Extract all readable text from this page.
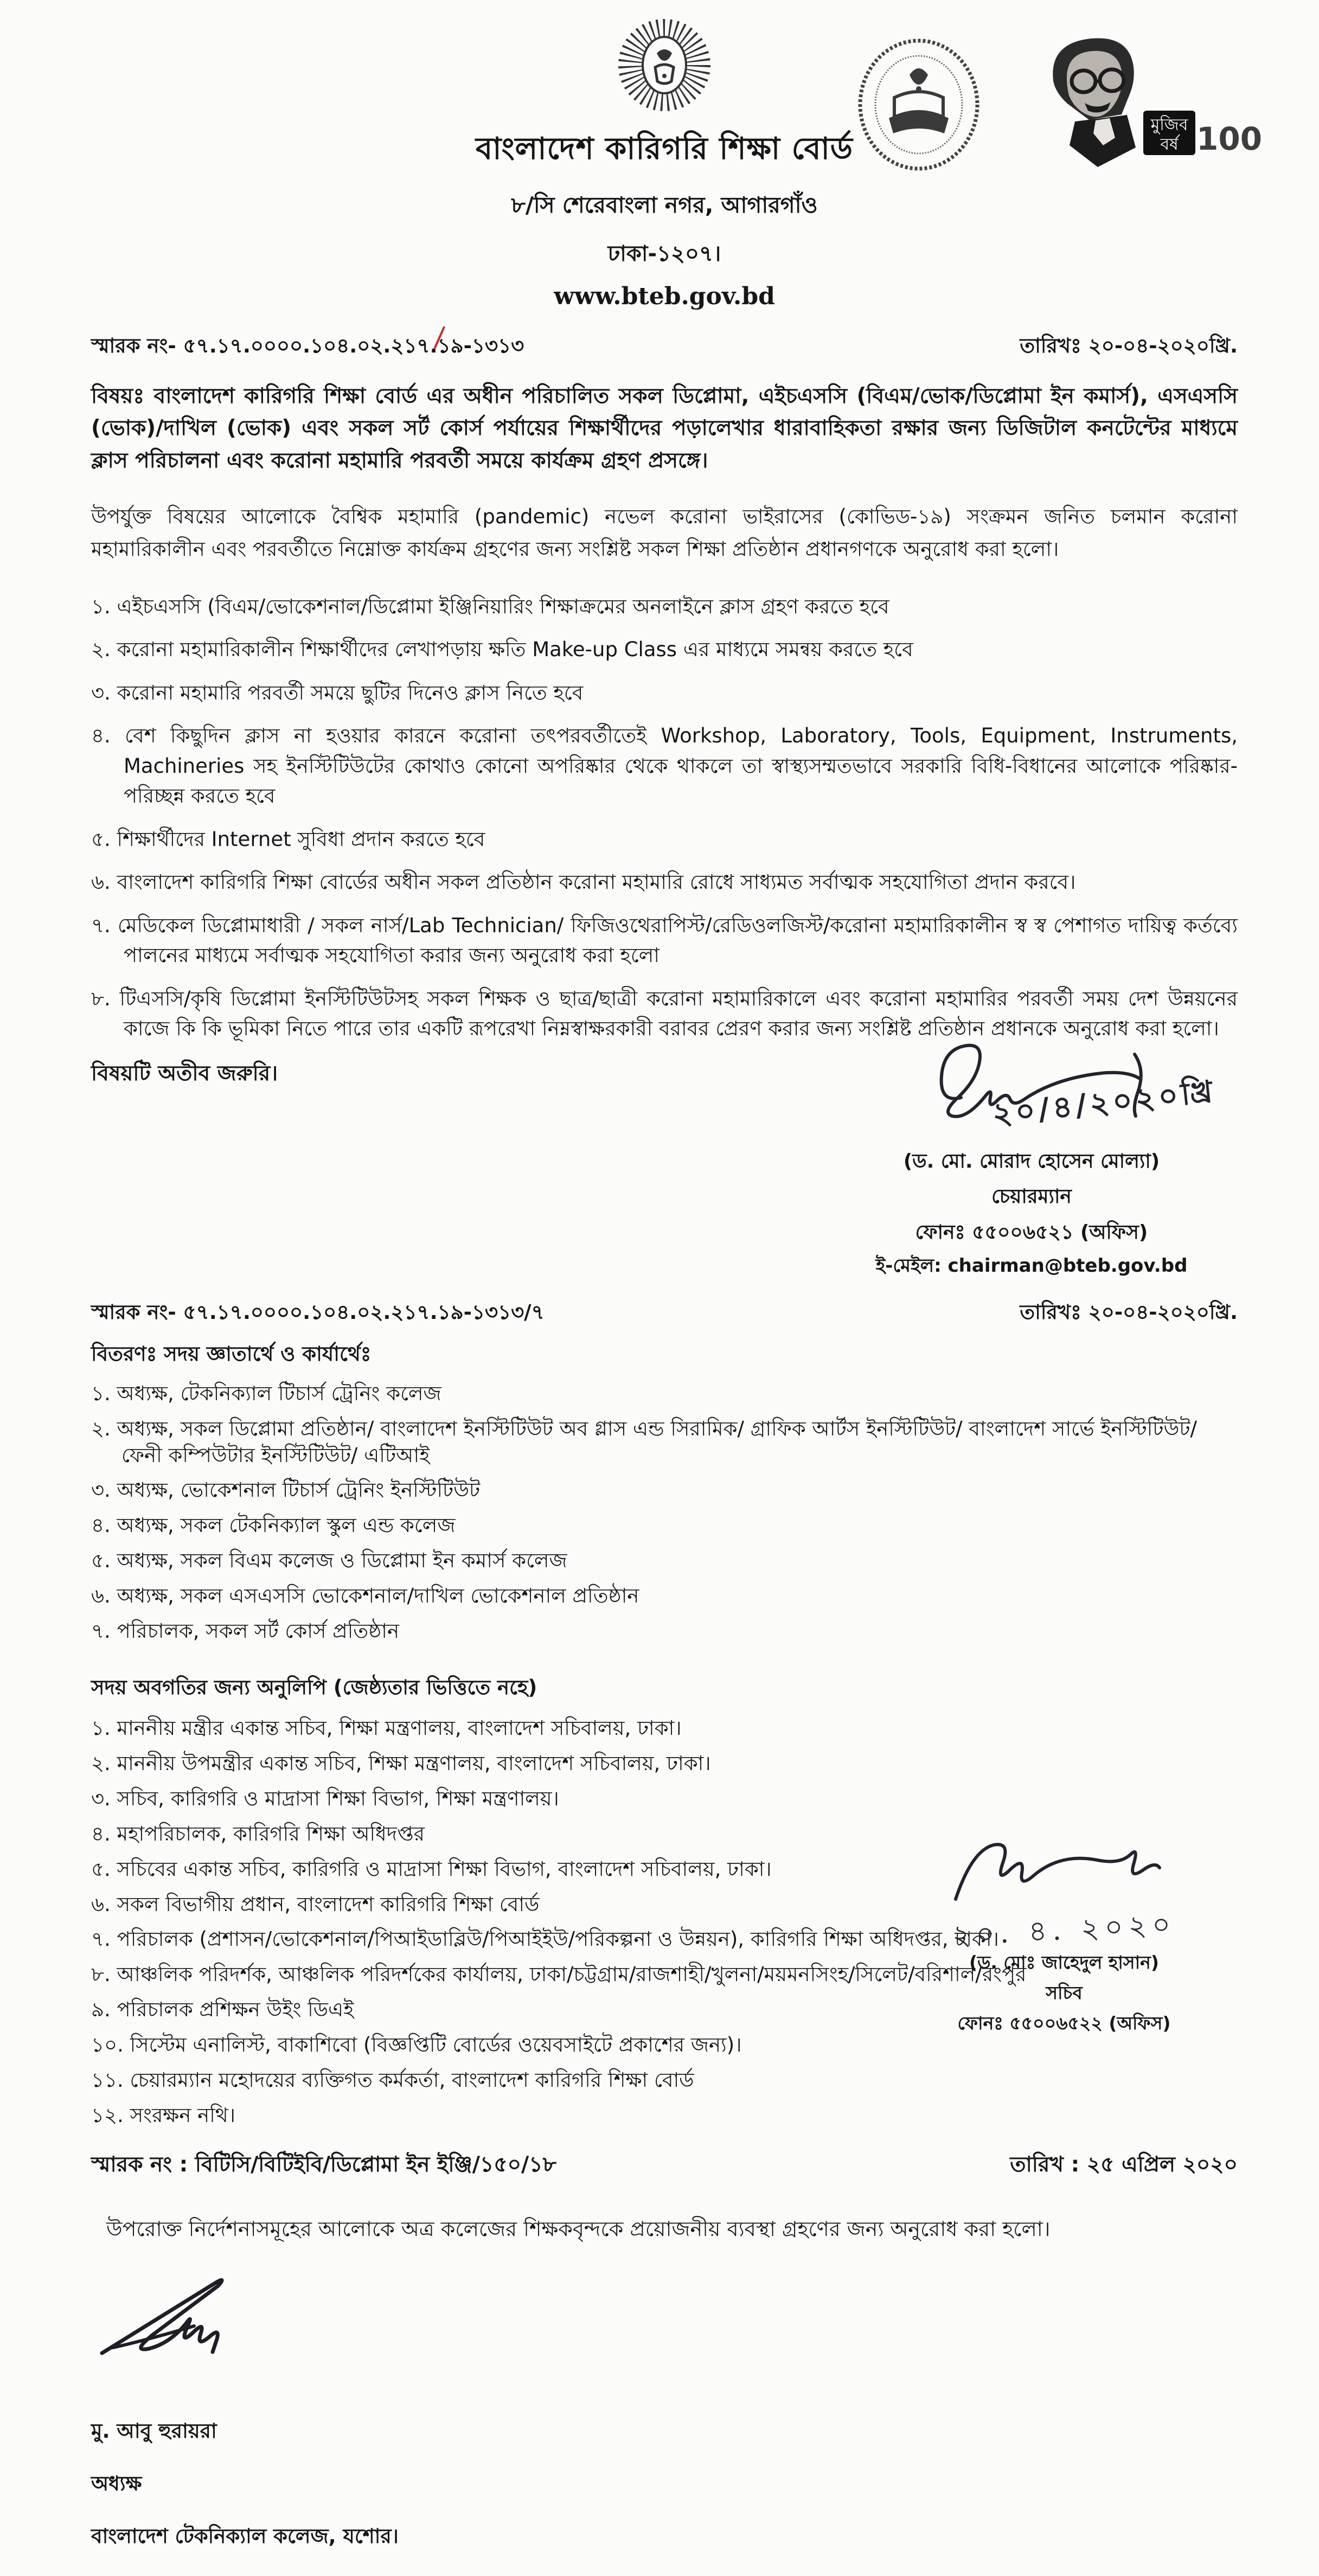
বাংলাদেশ কারিগরি শিক্ষা বোর্ড
৮/সি শেরেবাংলা নগর, আগারগাঁও
ঢাকা-১২০৭।
www.bteb.gov.bd
মুজিব
বর্ষ 100
স্মারক নং- ৫৭.১৭.০০০০.১০৪.০২.২১৭.১৯-১৩১৩	তারিখঃ ২০-০৪-২০২০খ্রি.

বিষয়ঃ বাংলাদেশ কারিগরি শিক্ষা বোর্ড এর অধীন পরিচালিত সকল ডিপ্লোমা, এইচএসসি (বিএম/ভোক/ডিপ্লোমা ইন কমার্স), এসএসসি (ভোক)/দাখিল (ভোক) এবং সকল সর্ট কোর্স পর্যায়ের শিক্ষার্থীদের পড়ালেখার ধারাবাহিকতা রক্ষার জন্য ডিজিটাল কনটেন্টের মাধ্যমে ক্লাস পরিচালনা এবং করোনা মহামারি পরবর্তী সময়ে কার্যক্রম গ্রহণ প্রসঙ্গে।

উপর্যুক্ত বিষয়ের আলোকে বৈশ্বিক মহামারি (pandemic) নভেল করোনা ভাইরাসের (কোভিড-১৯) সংক্রমন জনিত চলমান করোনা মহামারিকালীন এবং পরবর্তীতে নিম্নোক্ত কার্যক্রম গ্রহণের জন্য সংশ্লিষ্ট সকল শিক্ষা প্রতিষ্ঠান প্রধানগণকে অনুরোধ করা হলো।

১. এইচএসসি (বিএম/ভোকেশনাল/ডিপ্লোমা ইঞ্জিনিয়ারিং শিক্ষাক্রমের অনলাইনে ক্লাস গ্রহণ করতে হবে
২. করোনা মহামারিকালীন শিক্ষার্থীদের লেখাপড়ায় ক্ষতি Make-up Class এর মাধ্যমে সমন্বয় করতে হবে
৩. করোনা মহামারি পরবর্তী সময়ে ছুটির দিনেও ক্লাস নিতে হবে
৪. বেশ কিছুদিন ক্লাস না হওয়ার কারনে করোনা তৎপরবর্তীতেই Workshop, Laboratory, Tools, Equipment, Instruments, Machineries সহ ইনস্টিটিউটের কোথাও কোনো অপরিষ্কার থেকে থাকলে তা স্বাস্থ্যসম্মতভাবে সরকারি বিধি-বিধানের আলোকে পরিষ্কার-পরিচ্ছন্ন করতে হবে
৫. শিক্ষার্থীদের Internet সুবিধা প্রদান করতে হবে
৬. বাংলাদেশ কারিগরি শিক্ষা বোর্ডের অধীন সকল প্রতিষ্ঠান করোনা মহামারি রোধে সাধ্যমত সর্বাত্মক সহযোগিতা প্রদান করবে।
৭. মেডিকেল ডিপ্লোমাধারী / সকল নার্স/Lab Technician/ ফিজিওথেরাপিস্ট/রেডিওলজিস্ট/করোনা মহামারিকালীন স্ব স্ব পেশাগত দায়িত্ব কর্তব্যে পালনের মাধ্যমে সর্বাত্মক সহযোগিতা করার জন্য অনুরোধ করা হলো
৮. টিএসসি/কৃষি ডিপ্লোমা ইনস্টিটিউটসহ সকল শিক্ষক ও ছাত্র/ছাত্রী করোনা মহামারিকালে এবং করোনা মহামারির পরবর্তী সময় দেশ উন্নয়নের কাজে কি কি ভূমিকা নিতে পারে তার একটি রূপরেখা নিম্নস্বাক্ষরকারী বরাবর প্রেরণ করার জন্য সংশ্লিষ্ট প্রতিষ্ঠান প্রধানকে অনুরোধ করা হলো।

বিষয়টি অতীব জরুরি।	২০/৪/২০২০খ্রি
(ড. মো. মোরাদ হোসেন মোল্যা)
চেয়ারম্যান
ফোনঃ ৫৫০০৬৫২১ (অফিস)
ই-মেইল: chairman@bteb.gov.bd
স্মারক নং- ৫৭.১৭.০০০০.১০৪.০২.২১৭.১৯-১৩১৩/৭	তারিখঃ ২০-০৪-২০২০খ্রি.
বিতরণঃ সদয় জ্ঞাতার্থে ও কার্যার্থেঃ
১. অধ্যক্ষ, টেকনিক্যাল টিচার্স ট্রেনিং কলেজ
২. অধ্যক্ষ, সকল ডিপ্লোমা প্রতিষ্ঠান/ বাংলাদেশ ইনস্টিটিউট অব গ্লাস এন্ড সিরামিক/ গ্রাফিক আর্টস ইনস্টিটিউট/ বাংলাদেশ সার্ভে ইনস্টিটিউট/ ফেনী কম্পিউটার ইনস্টিটিউট/ এটিআই
৩. অধ্যক্ষ, ভোকেশনাল টিচার্স ট্রেনিং ইনস্টিটিউট
৪. অধ্যক্ষ, সকল টেকনিক্যাল স্কুল এন্ড কলেজ
৫. অধ্যক্ষ, সকল বিএম কলেজ ও ডিপ্লোমা ইন কমার্স কলেজ
৬. অধ্যক্ষ, সকল এসএসসি ভোকেশনাল/দাখিল ভোকেশনাল প্রতিষ্ঠান
৭. পরিচালক, সকল সর্ট কোর্স প্রতিষ্ঠান
সদয় অবগতির জন্য অনুলিপি (জেষ্ঠ্যতার ভিত্তিতে নহে)
১. মাননীয় মন্ত্রীর একান্ত সচিব, শিক্ষা মন্ত্রণালয়, বাংলাদেশ সচিবালয়, ঢাকা।
২. মাননীয় উপমন্ত্রীর একান্ত সচিব, শিক্ষা মন্ত্রণালয়, বাংলাদেশ সচিবালয়, ঢাকা।
৩. সচিব, কারিগরি ও মাদ্রাসা শিক্ষা বিভাগ, শিক্ষা মন্ত্রণালয়।
৪. মহাপরিচালক, কারিগরি শিক্ষা অধিদপ্তর
৫. সচিবের একান্ত সচিব, কারিগরি ও মাদ্রাসা শিক্ষা বিভাগ, বাংলাদেশ সচিবালয়, ঢাকা।
৬. সকল বিভাগীয় প্রধান, বাংলাদেশ কারিগরি শিক্ষা বোর্ড
৭. পরিচালক (প্রশাসন/ভোকেশনাল/পিআইডাব্লিউ/পিআইইউ/পরিকল্পনা ও উন্নয়ন), কারিগরি শিক্ষা অধিদপ্তর, ঢাকা।
৮. আঞ্চলিক পরিদর্শক, আঞ্চলিক পরিদর্শকের কার্যালয়, ঢাকা/চট্টগ্রাম/রাজশাহী/খুলনা/ময়মনসিংহ/সিলেট/বরিশাল/রংপুর
৯. পরিচালক প্রশিক্ষন উইং ডিএই
১০. সিস্টেম এনালিস্ট, বাকাশিবো (বিজ্ঞপ্তিটি বোর্ডের ওয়েবসাইটে প্রকাশের জন্য)।
১১. চেয়ারম্যান মহোদয়ের ব্যক্তিগত কর্মকর্তা, বাংলাদেশ কারিগরি শিক্ষা বোর্ড
১২. সংরক্ষন নথি।
২০. ৪. ২০২০
(ড. মোঃ জাহেদুল হাসান)
সচিব
ফোনঃ ৫৫০০৬৫২২ (অফিস)
স্মারক নং : বিটিসি/বিটিইবি/ডিপ্লোমা ইন ইঞ্জি/১৫০/১৮	তারিখ : ২৫ এপ্রিল ২০২০

উপরোক্ত নির্দেশনাসমূহের আলোকে অত্র কলেজের শিক্ষকবৃন্দকে প্রয়োজনীয় ব্যবস্থা গ্রহণের জন্য অনুরোধ করা হলো।

মু. আবু হুরায়রা
অধ্যক্ষ
বাংলাদেশ টেকনিক্যাল কলেজ, যশোর।
